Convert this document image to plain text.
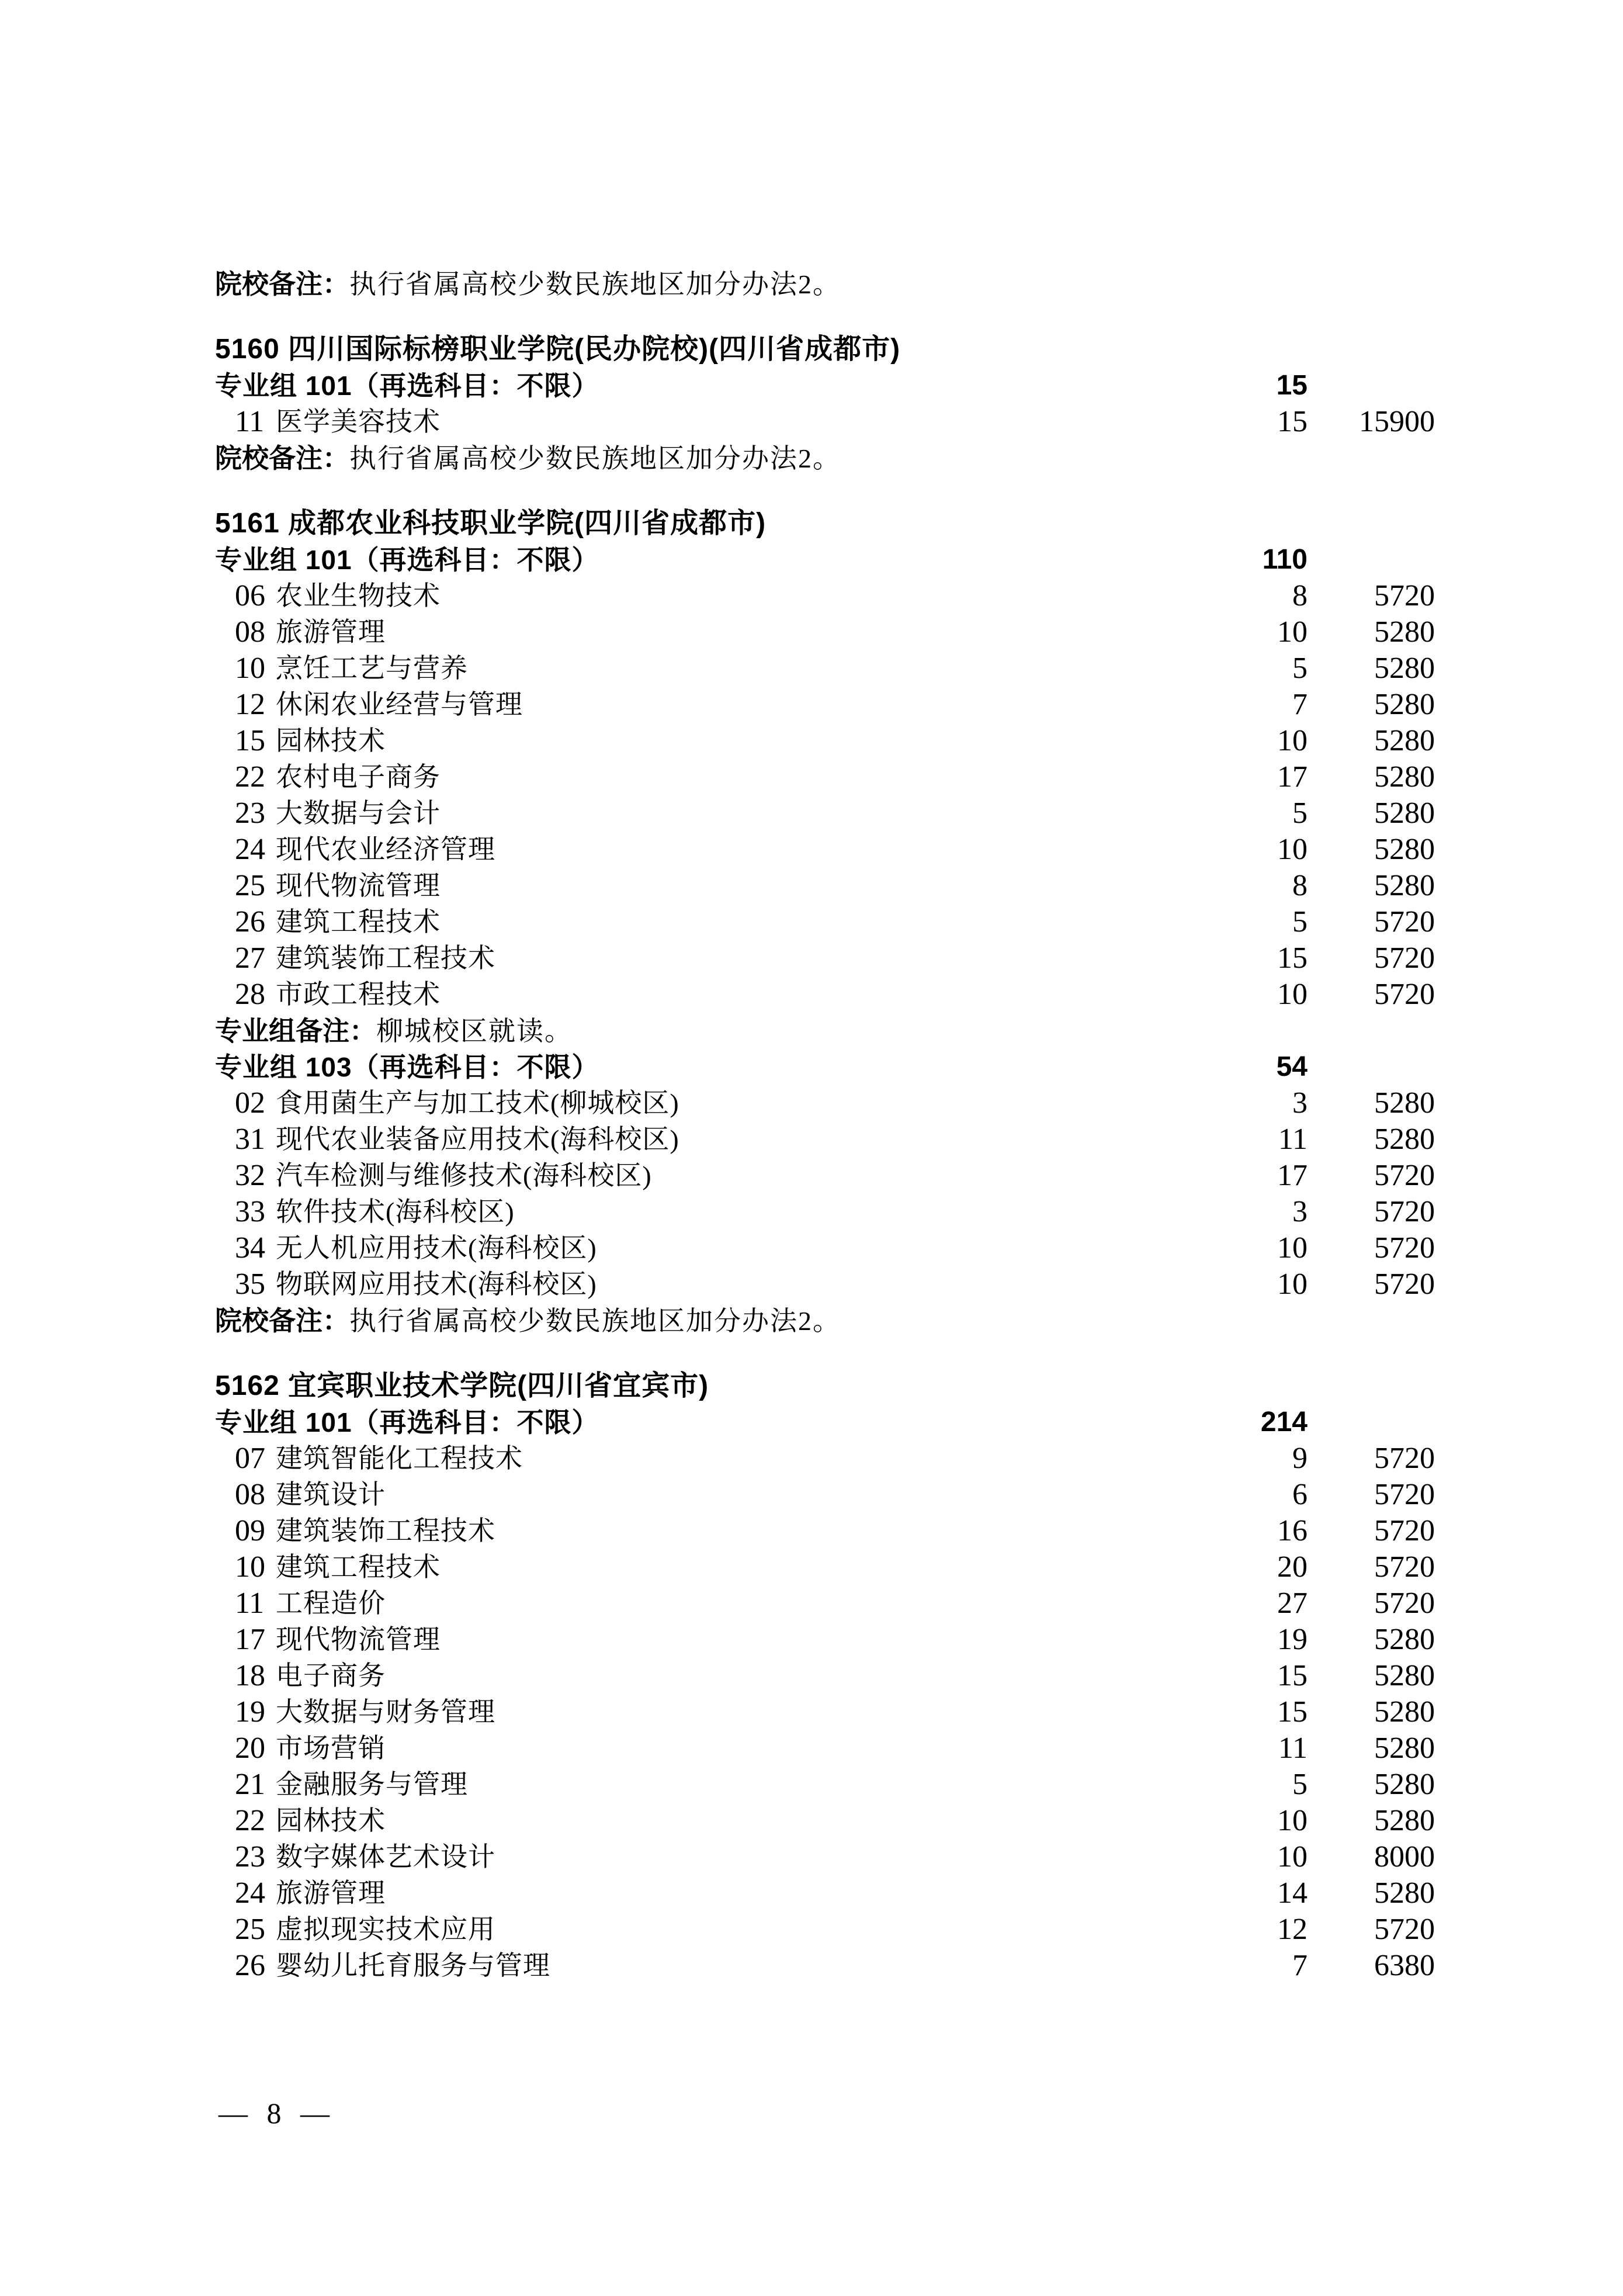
院校备注：执行省属高校少数民族地区加分办法2。
5160 四川国际标榜职业学院(民办院校)(四川省成都市)
专业组 101（再选科目：不限）	15
11 医学美容技术	15	15900
院校备注：执行省属高校少数民族地区加分办法2。
5161 成都农业科技职业学院(四川省成都市)
专业组 101（再选科目：不限）	110
06 农业生物技术	8	5720
08 旅游管理	10	5280
10 烹饪工艺与营养	5	5280
12 休闲农业经营与管理	7	5280
15 园林技术	10	5280
22 农村电子商务	17	5280
23 大数据与会计	5	5280
24 现代农业经济管理	10	5280
25 现代物流管理	8	5280
26 建筑工程技术	5	5720
27 建筑装饰工程技术	15	5720
28 市政工程技术	10	5720
专业组备注：柳城校区就读。
专业组 103（再选科目：不限）	54
02 食用菌生产与加工技术(柳城校区)	3	5280
31 现代农业装备应用技术(海科校区)	11	5280
32 汽车检测与维修技术(海科校区)	17	5720
33 软件技术(海科校区)	3	5720
34 无人机应用技术(海科校区)	10	5720
35 物联网应用技术(海科校区)	10	5720
院校备注：执行省属高校少数民族地区加分办法2。
5162 宜宾职业技术学院(四川省宜宾市)
专业组 101（再选科目：不限）	214
07 建筑智能化工程技术	9	5720
08 建筑设计	6	5720
09 建筑装饰工程技术	16	5720
10 建筑工程技术	20	5720
11 工程造价	27	5720
17 现代物流管理	19	5280
18 电子商务	15	5280
19 大数据与财务管理	15	5280
20 市场营销	11	5280
21 金融服务与管理	5	5280
22 园林技术	10	5280
23 数字媒体艺术设计	10	8000
24 旅游管理	14	5280
25 虚拟现实技术应用	12	5720
26 婴幼儿托育服务与管理	7	6380
— 8 —
